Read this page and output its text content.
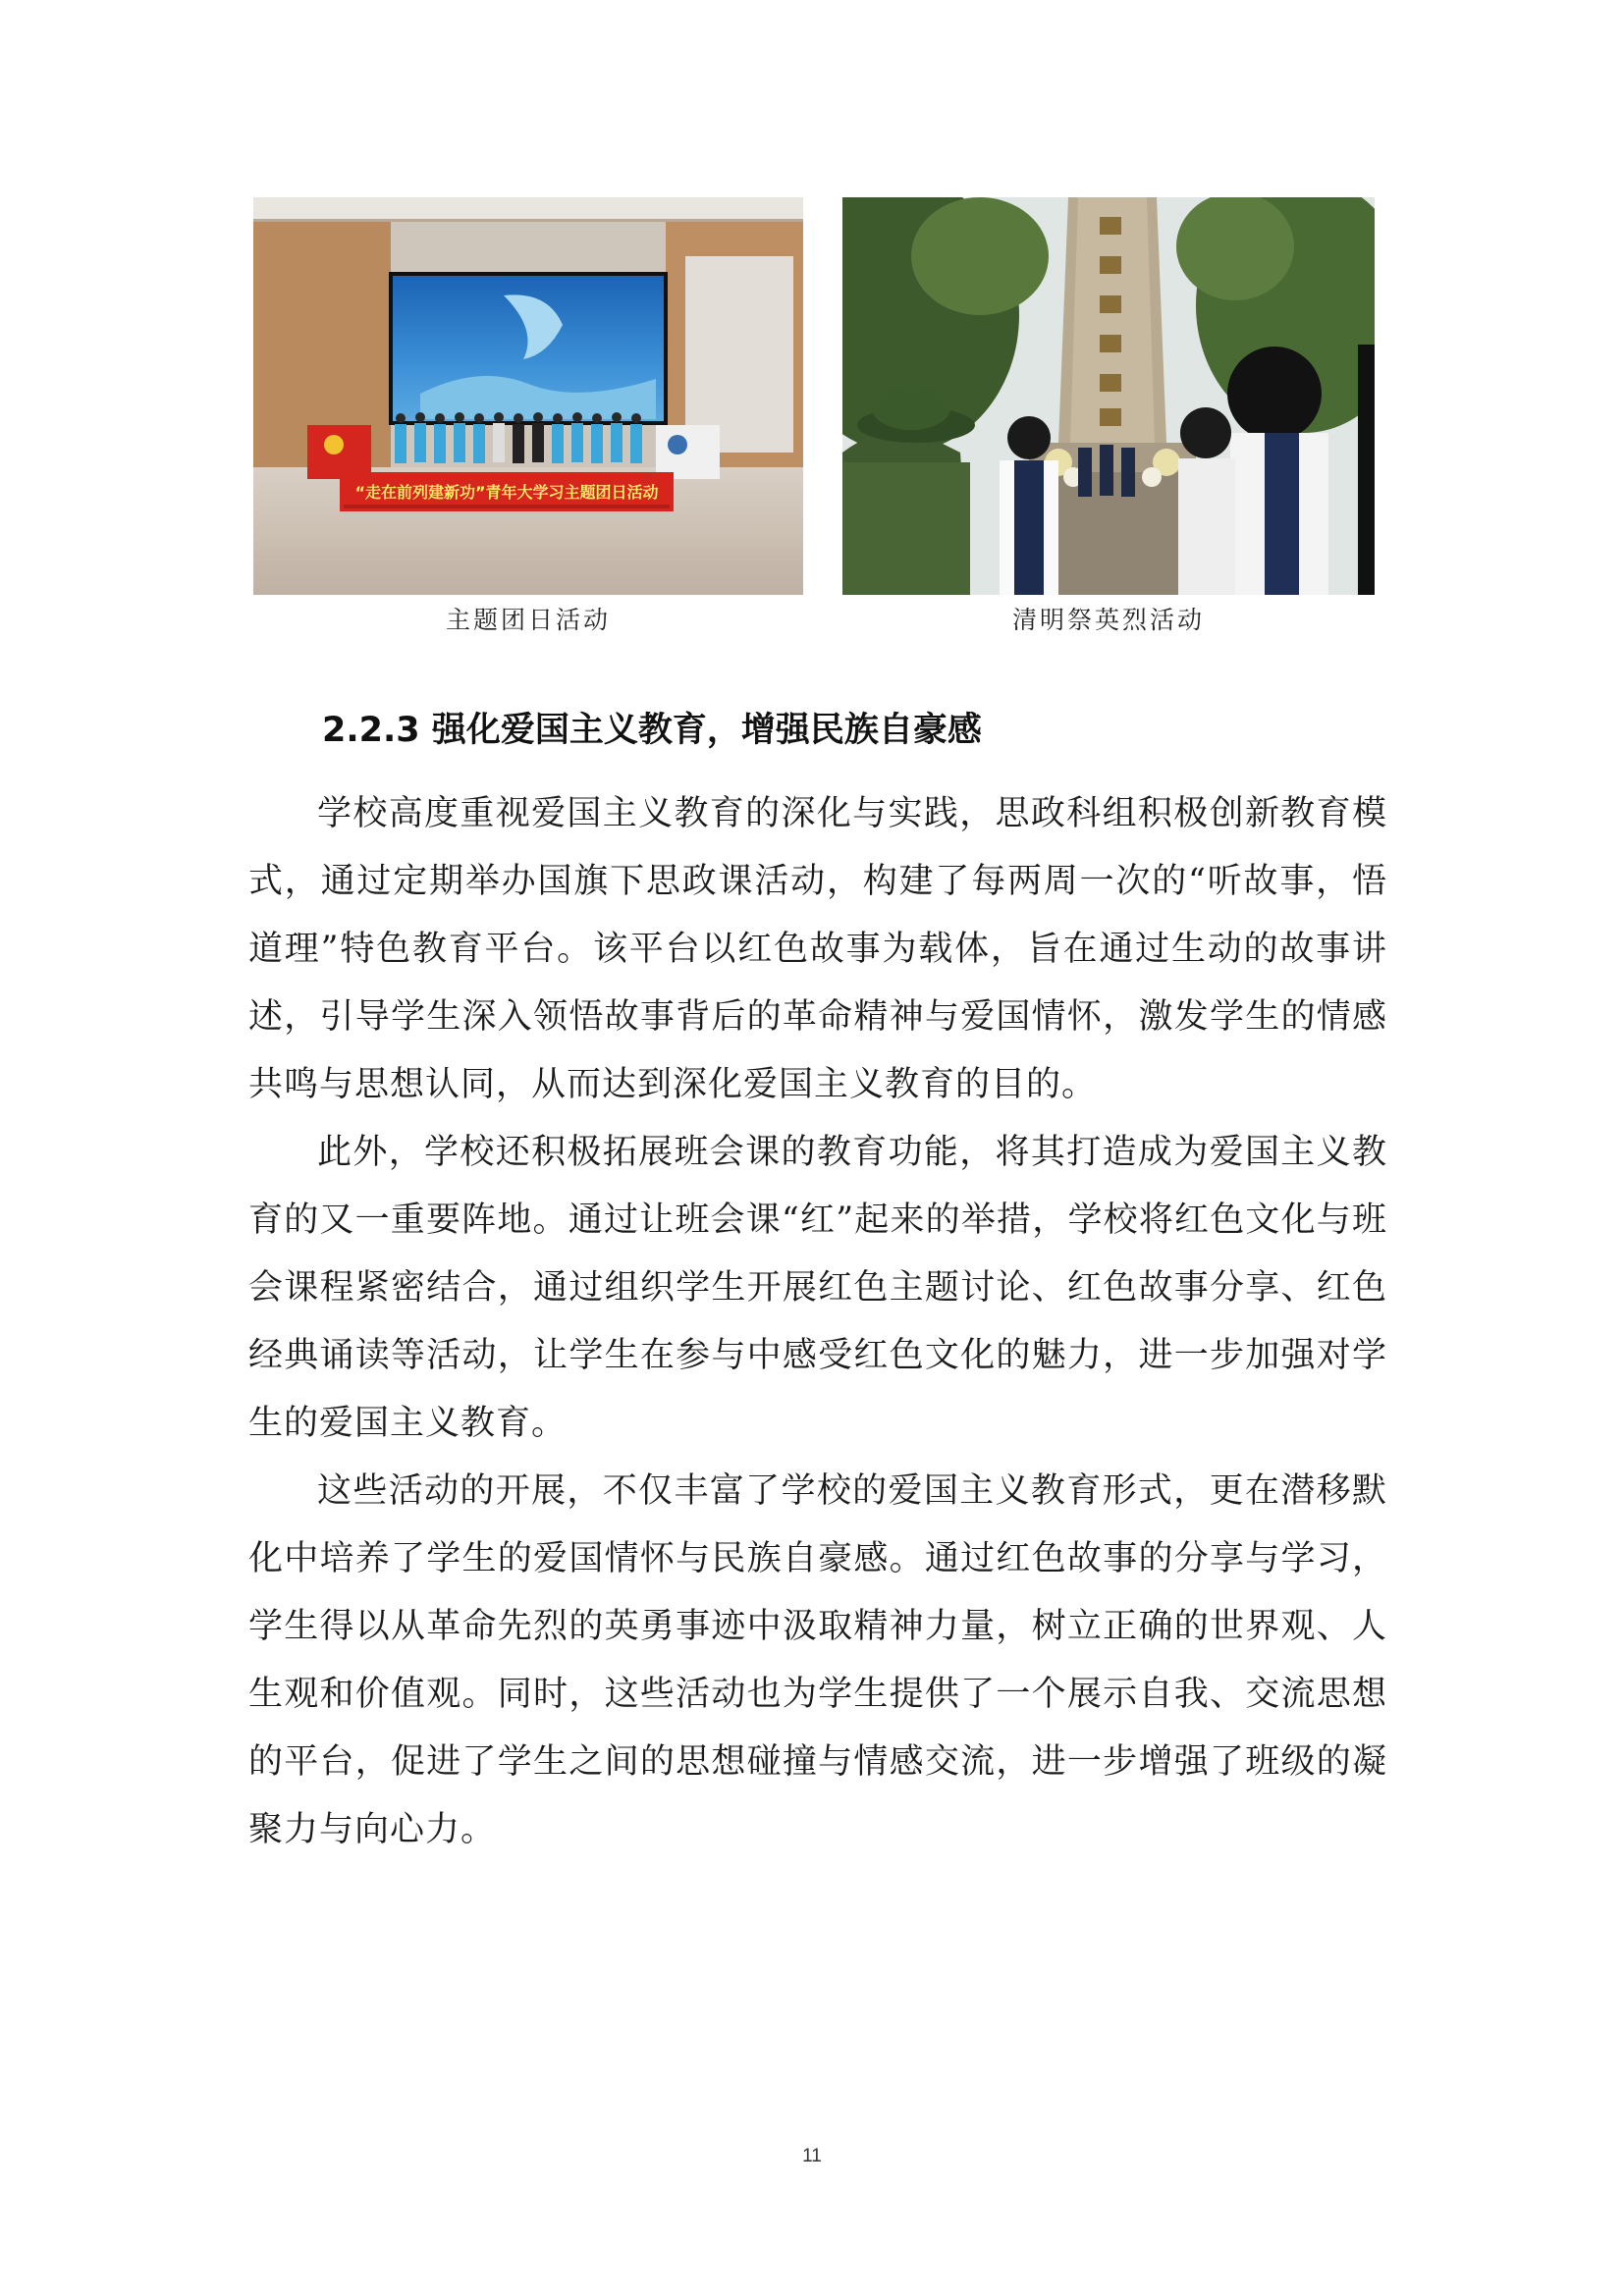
“走在前列建新功”青年大学习主题团日活动
主题团日活动	清明祭英烈活动
2.2.3 强化爱国主义教育，增强民族自豪感

学校高度重视爱国主义教育的深化与实践，思政科组积极创新教育模式，通过定期举办国旗下思政课活动，构建了每两周一次的“听故事，悟道理”特色教育平台。该平台以红色故事为载体，旨在通过生动的故事讲述，引导学生深入领悟故事背后的革命精神与爱国情怀，激发学生的情感共鸣与思想认同，从而达到深化爱国主义教育的目的。

此外，学校还积极拓展班会课的教育功能，将其打造成为爱国主义教育的又一重要阵地。通过让班会课“红”起来的举措，学校将红色文化与班会课程紧密结合，通过组织学生开展红色主题讨论、红色故事分享、红色经典诵读等活动，让学生在参与中感受红色文化的魅力，进一步加强对学生的爱国主义教育。

这些活动的开展，不仅丰富了学校的爱国主义教育形式，更在潜移默化中培养了学生的爱国情怀与民族自豪感。通过红色故事的分享与学习，学生得以从革命先烈的英勇事迹中汲取精神力量，树立正确的世界观、人生观和价值观。同时，这些活动也为学生提供了一个展示自我、交流思想的平台，促进了学生之间的思想碰撞与情感交流，进一步增强了班级的凝聚力与向心力。

11
